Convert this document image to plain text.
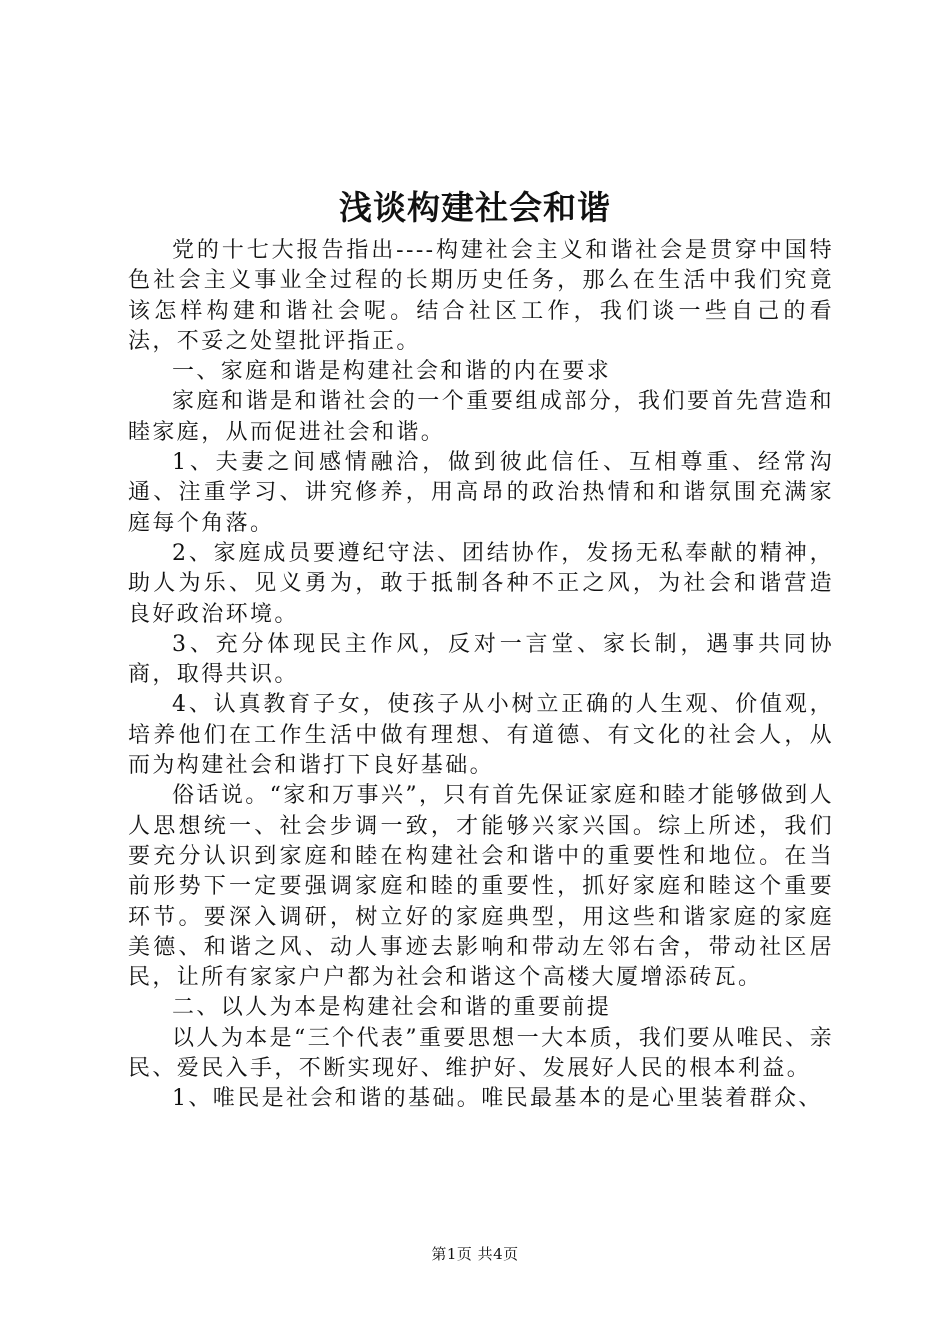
浅谈构建社会和谐

党的十七大报告指出----构建社会主义和谐社会是贯穿中国特色社会主义事业全过程的长期历史任务，那么在生活中我们究竟该怎样构建和谐社会呢。结合社区工作，我们谈一些自己的看法，不妥之处望批评指正。

一、家庭和谐是构建社会和谐的内在要求

家庭和谐是和谐社会的一个重要组成部分，我们要首先营造和睦家庭，从而促进社会和谐。

1、夫妻之间感情融洽，做到彼此信任、互相尊重、经常沟通、注重学习、讲究修养，用高昂的政治热情和和谐氛围充满家庭每个角落。

2、家庭成员要遵纪守法、团结协作，发扬无私奉献的精神，助人为乐、见义勇为，敢于抵制各种不正之风，为社会和谐营造良好政治环境。

3、充分体现民主作风，反对一言堂、家长制，遇事共同协商，取得共识。

4、认真教育子女，使孩子从小树立正确的人生观、价值观，培养他们在工作生活中做有理想、有道德、有文化的社会人，从而为构建社会和谐打下良好基础。

俗话说。“家和万事兴”，只有首先保证家庭和睦才能够做到人人思想统一、社会步调一致，才能够兴家兴国。综上所述，我们要充分认识到家庭和睦在构建社会和谐中的重要性和地位。在当前形势下一定要强调家庭和睦的重要性，抓好家庭和睦这个重要环节。要深入调研，树立好的家庭典型，用这些和谐家庭的家庭美德、和谐之风、动人事迹去影响和带动左邻右舍，带动社区居民，让所有家家户户都为社会和谐这个高楼大厦增添砖瓦。

二、以人为本是构建社会和谐的重要前提

以人为本是“三个代表”重要思想一大本质，我们要从唯民、亲民、爱民入手，不断实现好、维护好、发展好人民的根本利益。

1、唯民是社会和谐的基础。唯民最基本的是心里装着群众、

第1页 共4页
